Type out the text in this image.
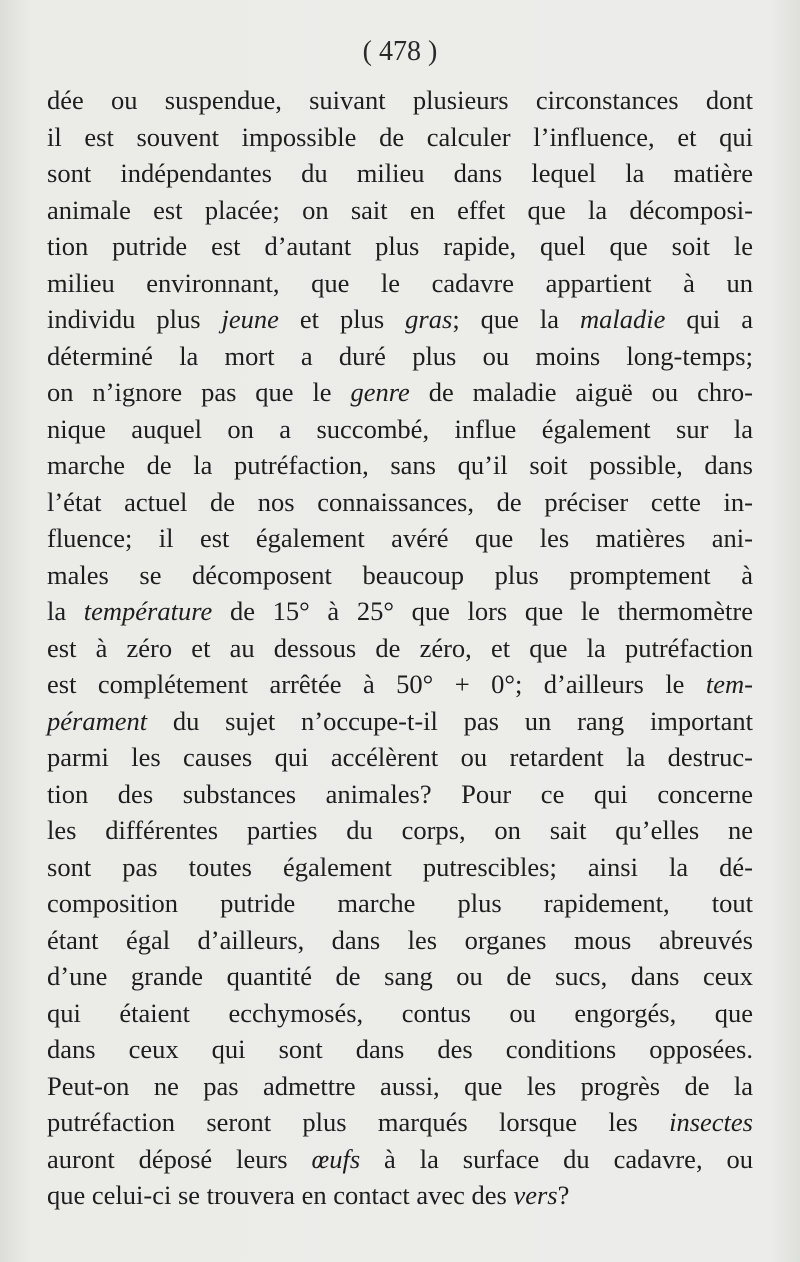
( 478 )
dée ou suspendue, suivant plusieurs circonstances dont
il est souvent impossible de calculer l’influence, et qui
sont indépendantes du milieu dans lequel la matière
animale est placée; on sait en effet que la décomposi-
tion putride est d’autant plus rapide, quel que soit le
milieu environnant, que le cadavre appartient à un
individu plus jeune et plus gras; que la maladie qui a
déterminé la mort a duré plus ou moins long-temps;
on n’ignore pas que le genre de maladie aiguë ou chro-
nique auquel on a succombé, influe également sur la
marche de la putréfaction, sans qu’il soit possible, dans
l’état actuel de nos connaissances, de préciser cette in-
fluence; il est également avéré que les matières ani-
males se décomposent beaucoup plus promptement à
la température de 15° à 25° que lors que le thermomètre
est à zéro et au dessous de zéro, et que la putréfaction
est complétement arrêtée à 50° + 0°; d’ailleurs le tem-
pérament du sujet n’occupe-t-il pas un rang important
parmi les causes qui accélèrent ou retardent la destruc-
tion des substances animales? Pour ce qui concerne
les différentes parties du corps, on sait qu’elles ne
sont pas toutes également putrescibles; ainsi la dé-
composition putride marche plus rapidement, tout
étant égal d’ailleurs, dans les organes mous abreuvés
d’une grande quantité de sang ou de sucs, dans ceux
qui étaient ecchymosés, contus ou engorgés, que
dans ceux qui sont dans des conditions opposées.
Peut-on ne pas admettre aussi, que les progrès de la
putréfaction seront plus marqués lorsque les insectes
auront déposé leurs œufs à la surface du cadavre, ou
que celui-ci se trouvera en contact avec des vers?
